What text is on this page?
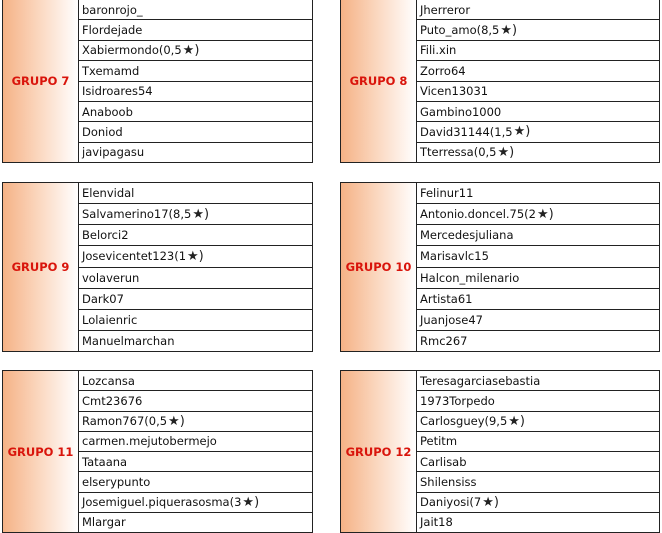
GRUPO 7
baronrojo_
Flordejade
Xabiermondo(0,5 ★)
Txemamd
Isidroares54
Anaboob
Doniod
javipagasu
GRUPO 8
Jherreror
Puto_amo(8,5 ★)
Fili.xin
Zorro64
Vicen13031
Gambino1000
David31144(1,5 ★)
Tterressa(0,5 ★)
GRUPO 9
Elenvidal
Salvamerino17(8,5 ★)
Belorci2
Josevicentet123(1 ★)
volaverun
Dark07
Lolaienric
Manuelmarchan
GRUPO 10
Felinur11
Antonio.doncel.75(2 ★)
Mercedesjuliana
Marisavlc15
Halcon_milenario
Artista61
Juanjose47
Rmc267
GRUPO 11
Lozcansa
Cmt23676
Ramon767(0,5 ★)
carmen.mejutobermejo
Tataana
elserypunto
Josemiguel.piquerasosma(3 ★)
Mlargar
GRUPO 12
Teresagarciasebastia
1973Torpedo
Carlosguey(9,5 ★)
Petitm
Carlisab
Shilensiss
Daniyosi(7 ★)
Jait18
